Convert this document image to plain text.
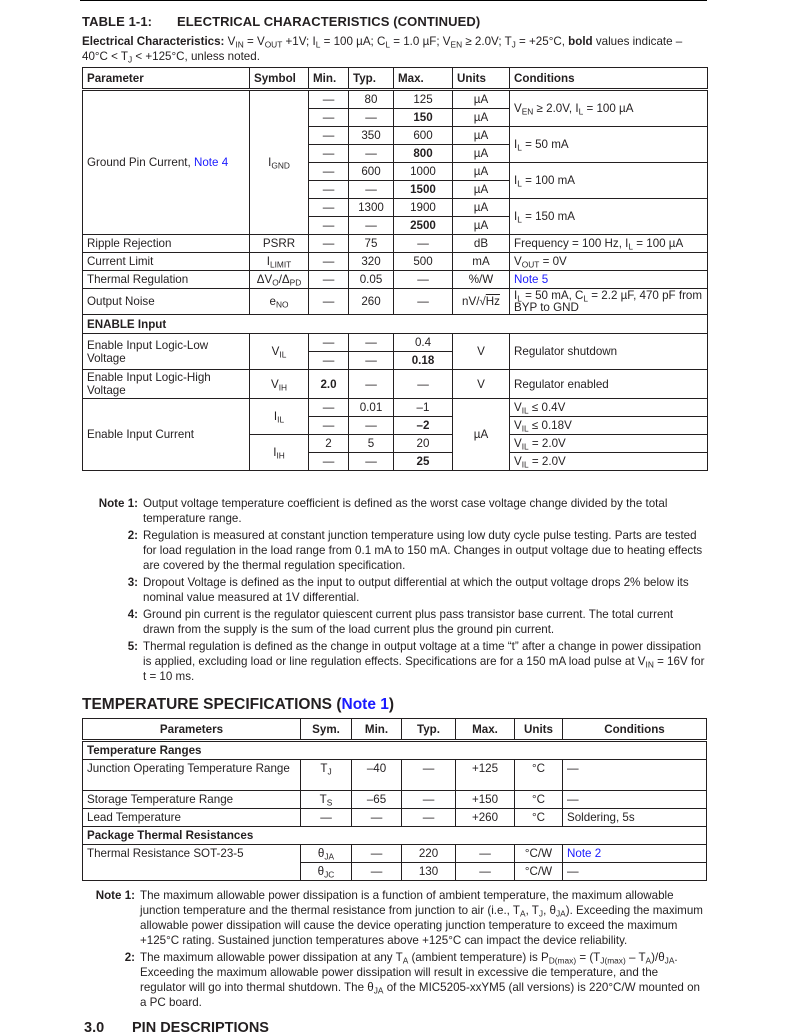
TABLE 1-1: ELECTRICAL CHARACTERISTICS (CONTINUED)
Electrical Characteristics: $V_{IN} = V_{OUT} +1V$; $I_L = 100$ µA; $C_L = 1.0$ µF; $V_{EN} \ge 2.0V$; $T_J = +25^\circ C$, bold values indicate $-40^\circ C < T_J < +125^\circ C$, unless noted.
Parameter	Symbol	Min.	Typ.	Max.	Units	Conditions
Ground Pin Current, Note 4	$I_{GND}$	—	80	125	µA	$V_{EN} \ge 2.0V$, $I_L = 100$ µA
		—	—	150	µA	
		—	350	600	µA	$I_L = 50$ mA
		—	—	800	µA	
		—	600	1000	µA	$I_L = 100$ mA
		—	—	1500	µA	
		—	1300	1900	µA	$I_L = 150$ mA
		—	—	2500	µA	
Ripple Rejection	PSRR	—	75	—	dB	Frequency = 100 Hz, $I_L = 100$ µA
Current Limit	$I_{LIMIT}$	—	320	500	mA	$V_{OUT} = 0V$
Thermal Regulation	$\Delta V_O/\Delta_{PD}$	—	0.05	—	%/W	Note 5
Output Noise	$e_{NO}$	—	260	—	nV/√Hz	$I_L = 50$ mA, $C_L = 2.2$ µF, 470 pF from BYP to GND
ENABLE Input						
Enable Input Logic-Low Voltage	$V_{IL}$	—	—	0.4	V	Regulator shutdown
		—	—	0.18		
Enable Input Logic-High Voltage	$V_{IH}$	2.0	—	—	V	Regulator enabled
Enable Input Current	$I_{IL}$	—	0.01	–1	µA	$V_{IL} \le 0.4V$
		—	—	–2		$V_{IL} \le 0.18V$
	$I_{IH}$	2	5	20		$V_{IL} = 2.0V$
		—	—	25		$V_{IL} = 2.0V$
Note 1: Output voltage temperature coefficient is defined as the worst case voltage change divided by the total temperature range.
2: Regulation is measured at constant junction temperature using low duty cycle pulse testing. Parts are tested for load regulation in the load range from 0.1 mA to 150 mA. Changes in output voltage due to heating effects are covered by the thermal regulation specification.
3: Dropout Voltage is defined as the input to output differential at which the output voltage drops 2% below its nominal value measured at 1V differential.
4: Ground pin current is the regulator quiescent current plus pass transistor base current. The total current drawn from the supply is the sum of the load current plus the ground pin current.
5: Thermal regulation is defined as the change in output voltage at a time “t” after a change in power dissipation is applied, excluding load or line regulation effects. Specifications are for a 150 mA load pulse at $V_{IN} = 16V$ for t = 10 ms.
TEMPERATURE SPECIFICATIONS (Note 1)
Parameters	Sym.	Min.	Typ.	Max.	Units	Conditions
Temperature Ranges						
Junction Operating Temperature Range	$T_J$	–40	—	+125	°C	—
Storage Temperature Range	$T_S$	–65	—	+150	°C	—
Lead Temperature	—	—	—	+260	°C	Soldering, 5s
Package Thermal Resistances						
Thermal Resistance SOT-23-5	$\theta_{JA}$	—	220	—	°C/W	Note 2
	$\theta_{JC}$	—	130	—	°C/W	—
Note 1: The maximum allowable power dissipation is a function of ambient temperature, the maximum allowable junction temperature and the thermal resistance from junction to air (i.e., $T_A$, $T_J$, $\theta_{JA}$). Exceeding the maximum allowable power dissipation will cause the device operating junction temperature to exceed the maximum +125°C rating. Sustained junction temperatures above +125°C can impact the device reliability.
2: The maximum allowable power dissipation at any $T_A$ (ambient temperature) is $P_{D(max)} = (T_{J(max)} - T_A)/\theta_{JA}$. Exceeding the maximum allowable power dissipation will result in excessive die temperature, and the regulator will go into thermal shutdown. The $\theta_{JA}$ of the MIC5205-xxYM5 (all versions) is 220°C/W mounted on a PC board.
3.0 PIN DESCRIPTIONS
